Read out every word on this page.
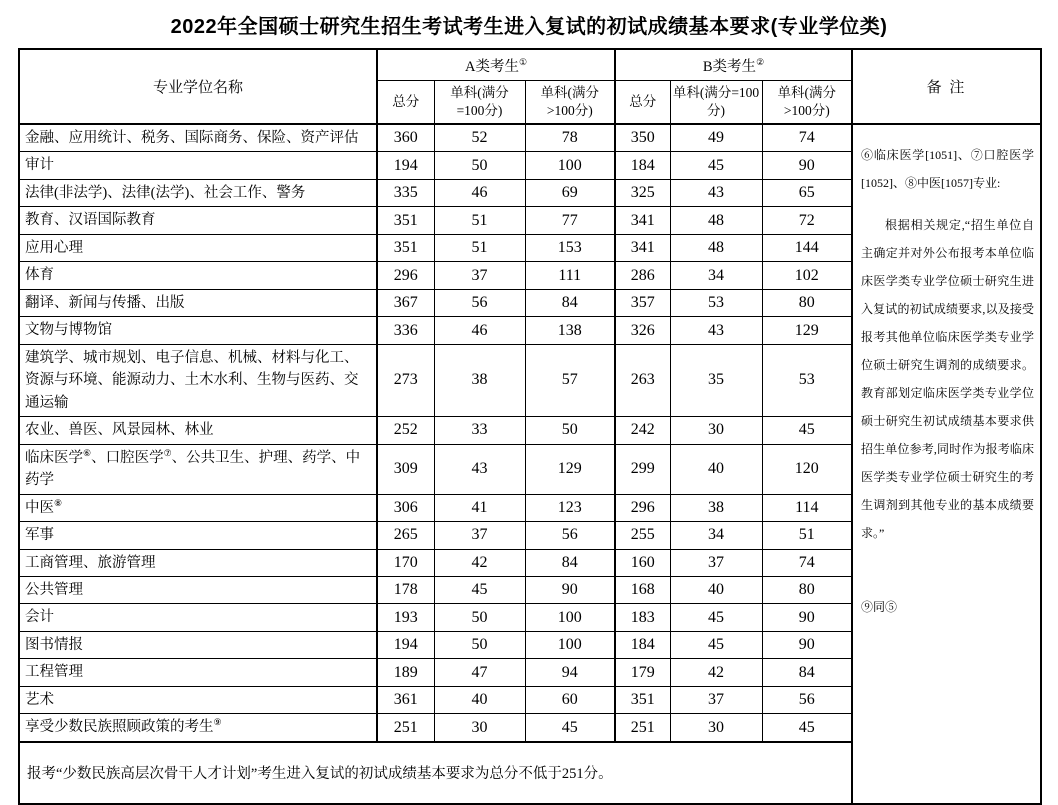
2022年全国硕士研究生招生考试考生进入复试的初试成绩基本要求(专业学位类)
专业学位名称	A类考生①			B类考生②			备 注
	总分	单科(满分=100分)	单科(满分>100分)	总分	单科(满分=100分)	单科(满分>100分)	
金融、应用统计、税务、国际商务、保险、资产评估	360	52	78	350	49	74	⑥临床医学[1051]、⑦口腔医学[1052]、⑧中医[1057]专业:
根据相关规定,“招生单位自主确定并对外公布报考本单位临床医学类专业学位硕士研究生进入复试的初试成绩要求,以及接受报考其他单位临床医学类专业学位硕士研究生调剂的成绩要求。教育部划定临床医学类专业学位硕士研究生初试成绩基本要求供招生单位参考,同时作为报考临床医学类专业学位硕士研究生的考生调剂到其他专业的基本成绩要求。”
⑨同⑤

审计	194	50	100	184	45	90	
法律(非法学)、法律(法学)、社会工作、警务	335	46	69	325	43	65	
教育、汉语国际教育	351	51	77	341	48	72	
应用心理	351	51	153	341	48	144	
体育	296	37	111	286	34	102	
翻译、新闻与传播、出版	367	56	84	357	53	80	
文物与博物馆	336	46	138	326	43	129	
建筑学、城市规划、电子信息、机械、材料与化工、资源与环境、能源动力、土木水利、生物与医药、交通运输	273	38	57	263	35	53	
农业、兽医、风景园林、林业	252	33	50	242	30	45	
临床医学⑥、口腔医学⑦、公共卫生、护理、药学、中药学	309	43	129	299	40	120	
中医⑧	306	41	123	296	38	114	
军事	265	37	56	255	34	51	
工商管理、旅游管理	170	42	84	160	37	74	
公共管理	178	45	90	168	40	80	
会计	193	50	100	183	45	90	
图书情报	194	50	100	184	45	90	
工程管理	189	47	94	179	42	84	
艺术	361	40	60	351	37	56	
享受少数民族照顾政策的考生⑨	251	30	45	251	30	45	
报考“少数民族高层次骨干人才计划”考生进入复试的初试成绩基本要求为总分不低于251分。							
